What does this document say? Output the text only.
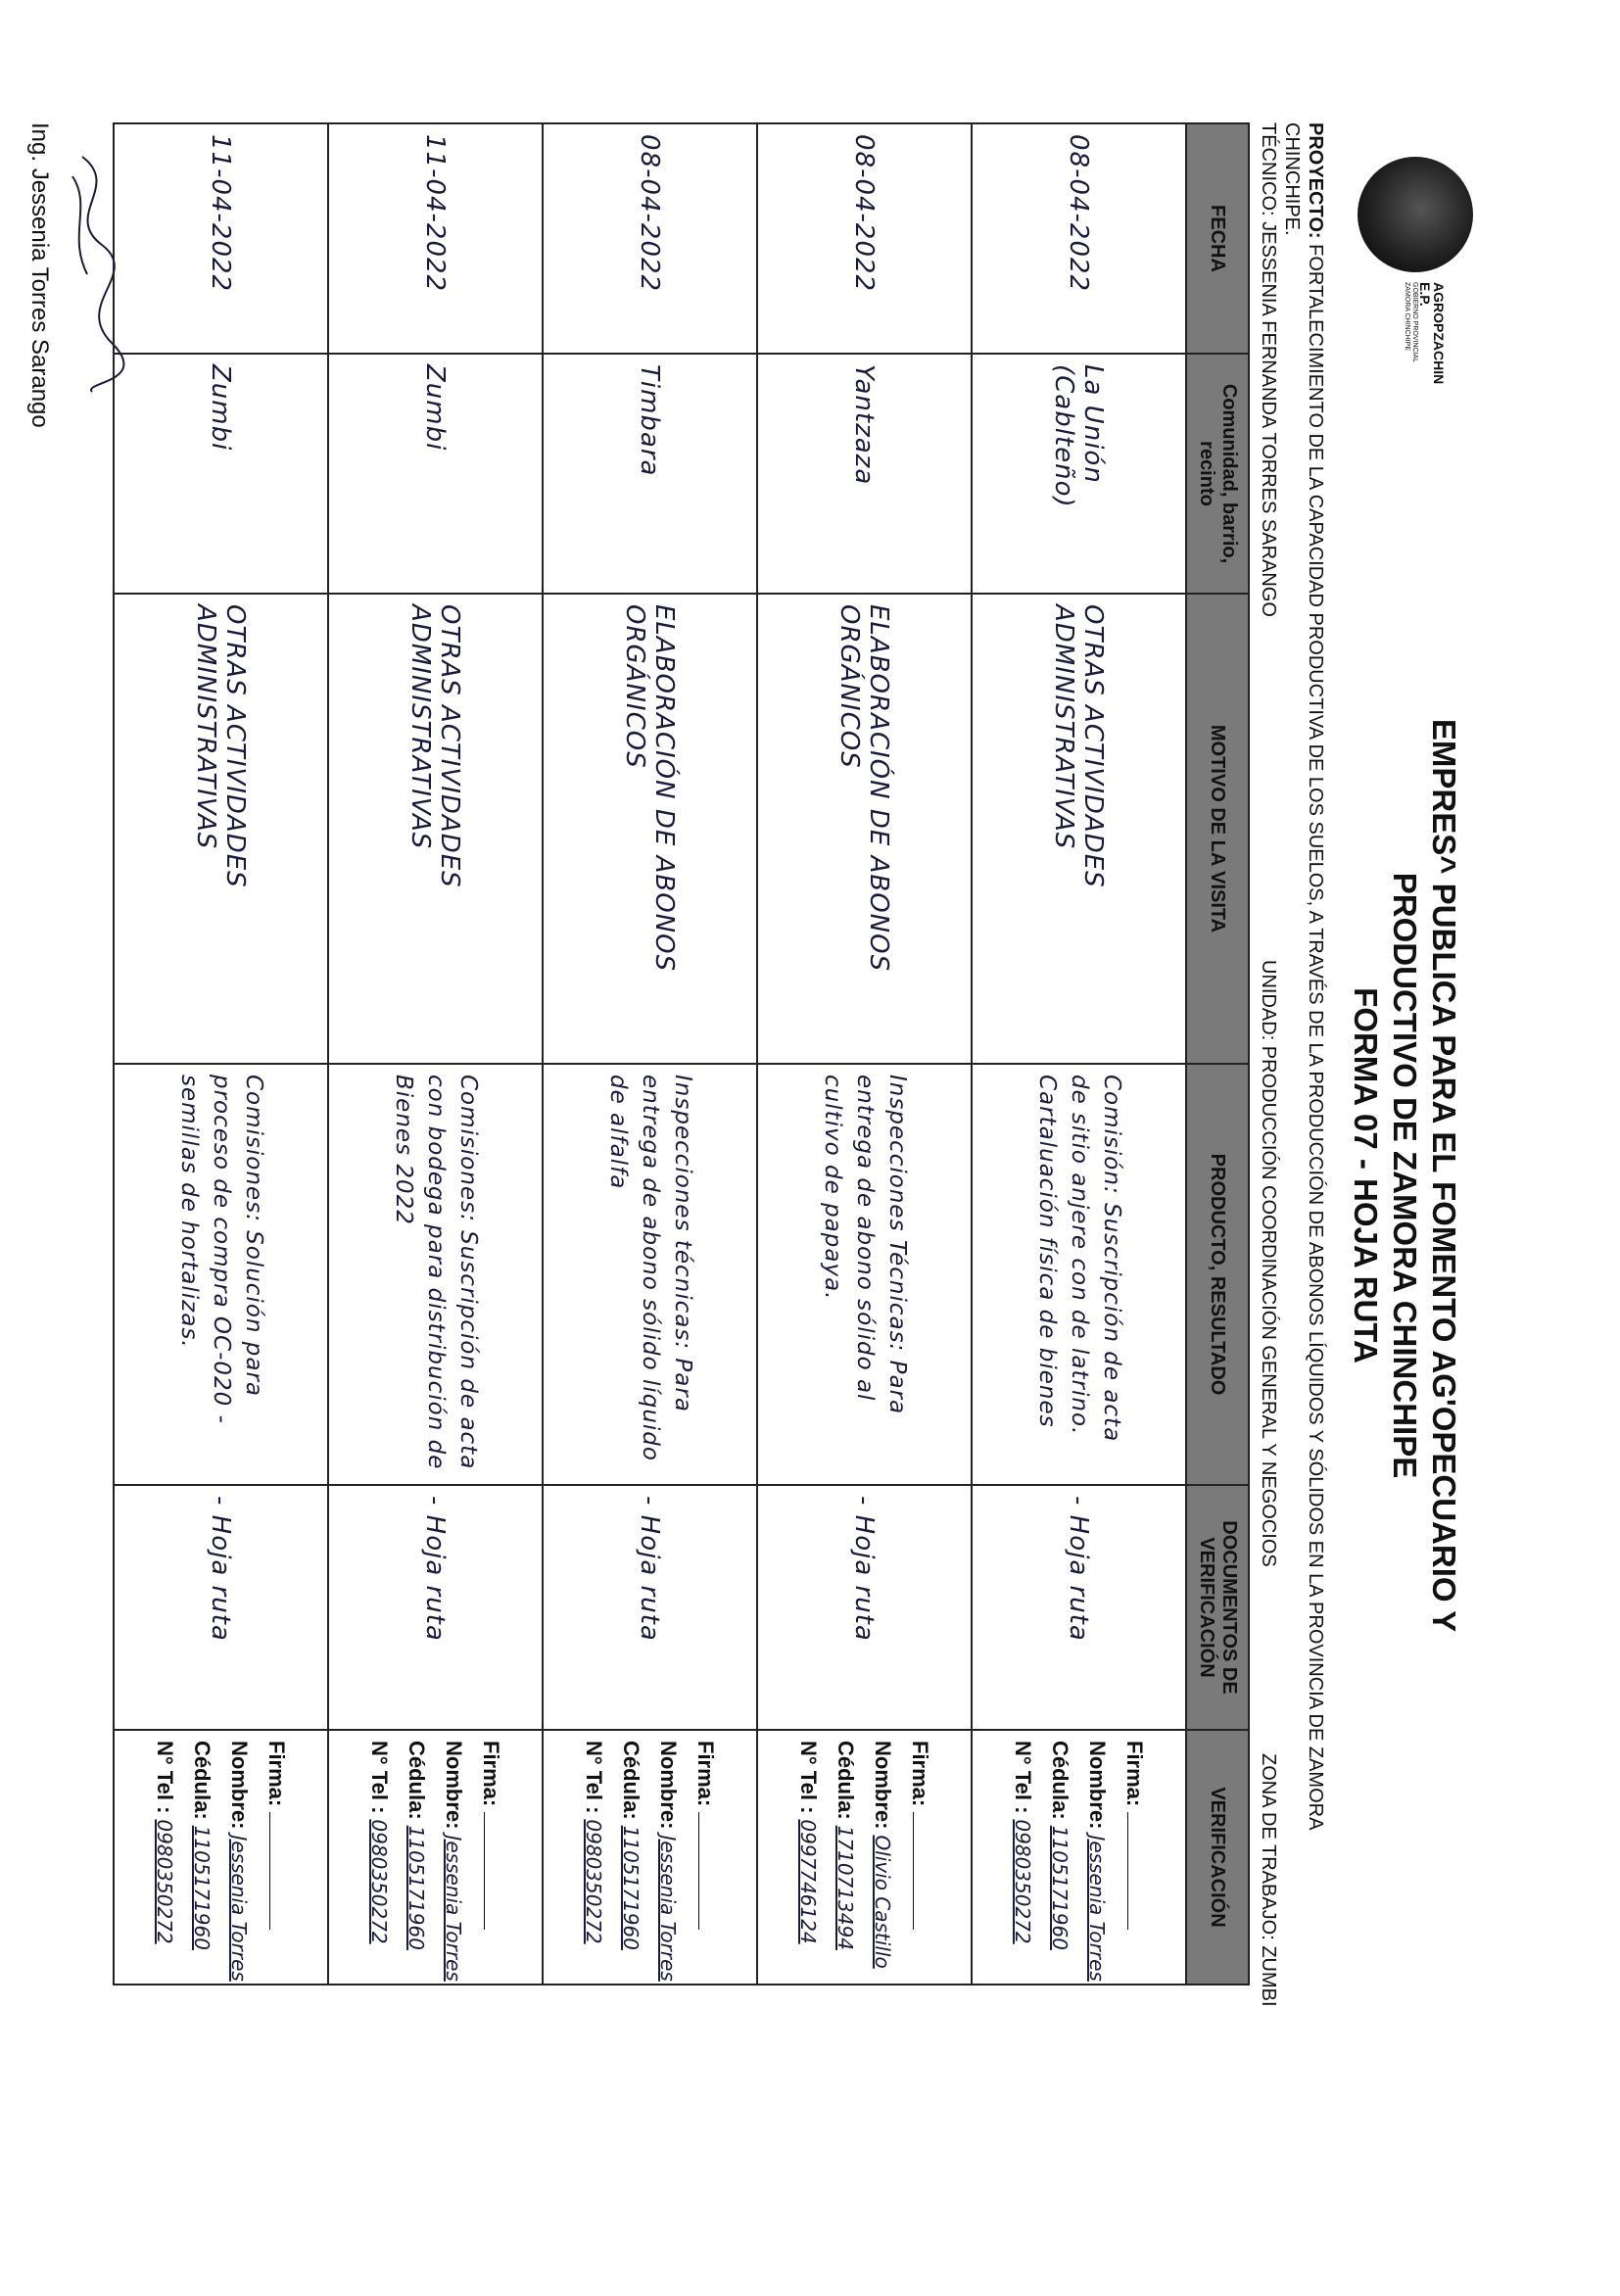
AGROPZACHIN E.P.
GOBIERNO PROVINCIAL ZAMORA CHINCHIPE
EMPRES^ PUBLICA PARA EL FOMENTO AG'OPECUARIO Y
PRODUCTIVO DE ZAMORA CHINCHIPE
FORMA 07 - HOJA RUTA
PROYECTO: FORTALECIMIENTO DE LA CAPACIDAD PRODUCTIVA DE LOS SUELOS, A TRAVÉS DE LA PRODUCCIÓN DE ABONOS LÍQUIDOS Y SÓLIDOS EN LA PROVINCIA DE ZAMORA
CHINCHIPE.
TÉCNICO: JESSENIA FERNANDA TORRES SARANGO
UNIDAD: PRODUCCIÓN COORDINACIÓN GENERAL Y NEGOCIOS
ZONA DE TRABAJO: ZUMBI
FECHA	Comunidad, barrio, recinto	MOTIVO DE LA VISITA	PRODUCTO, RESULTADO	DOCUMENTOS DE VERIFICACIÓN	VERIFICACIÓN
08-04-2022	La Unión (Cablteño)	OTRAS ACTIVIDADES ADMINISTRATIVAS	Comisión: Suscripción de acta de sitio anjere con de latrino. Cartaluación física de bienes	- Hoja ruta	Firma:
Nombre:Jessenia Torres
Cédula:1105171960
N° Tel :0980350272

08-04-2022	Yantzaza	ELABORACIÓN DE ABONOS ORGÁNICOS	Inspecciones Técnicas: Para entrega de abono sólido al cultivo de papaya.	- Hoja ruta	Firma:
Nombre:Olivio Castillo
Cédula:1710713494
N° Tel :0997746124

08-04-2022	Timbara	ELABORACIÓN DE ABONOS ORGÁNICOS	Inspecciones técnicas: Para entrega de abono sólido líquido de alfalfa	- Hoja ruta	Firma:
Nombre:Jessenia Torres
Cédula:1105171960
N° Tel :0980350272

11-04-2022	Zumbi	OTRAS ACTIVIDADES ADMINISTRATIVAS	Comisiones: Suscripción de acta con bodega para distribución de Bienes 2022	- Hoja ruta	Firma:
Nombre:Jessenia Torres
Cédula:1105171960
N° Tel :0980350272

11-04-2022	Zumbi	OTRAS ACTIVIDADES ADMINISTRATIVAS	Comisiones: Solución para proceso de compra OC-020 - semillas de hortalizas.	- Hoja ruta	Firma:
Nombre:Jessenia Torres
Cédula:1105171960
N° Tel :0980350272
Ing. Jessenia Torres Sarango
